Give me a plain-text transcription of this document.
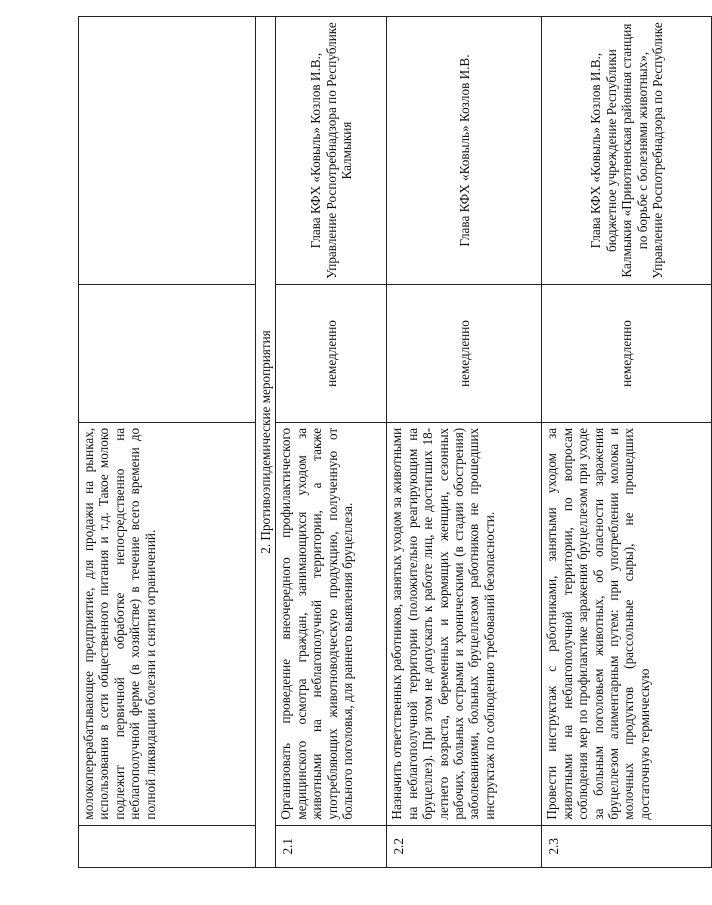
	молокоперерабатывающее предприятие, для продажи на рынках, использования в сети общественного питания и т.д. Такое молоко подлежит первичной обработке непосредственно на неблагополучной ферме (в хозяйстве) в течение всего времени до полной ликвидации болезни и снятия ограничений.		
2. Противоэпидемические мероприятия			
2.1	Организовать проведение внеочередного профилактического медицинского осмотра граждан, занимающихся уходом за животными на неблагополучной территории, а также употребляющих животноводческую продукцию, полученную от больного поголовья, для раннего выявления бруцеллеза.	немедленно	Глава КФХ «Ковыль» Козлов И.В., Управление Роспотребнадзора по Республике Калмыкия
2.2	Назначить ответственных работников, занятых уходом за животными на неблагополучной территории (положительно реагирующим на бруцеллез). При этом не допускать к работе лиц, не достигших 18-летнего возраста, беременных и кормящих женщин, сезонных рабочих, больных острыми и хроническими (в стадии обострения) заболеваниями, больных бруцеллезом работников не прошедших инструктаж по соблюдению требований безопасности.	немедленно	Глава КФХ «Ковыль» Козлов И.В.
2.3	Провести инструктаж с работниками, занятыми уходом за животными на неблагополучной территории, по вопросам соблюдения мер по профилактике заражения бруцеллезом при уходе за больным поголовьем животных, об опасности заражения бруцеллезом алиментарным путем: при употреблении молока и молочных продуктов (рассольные сыры), не прошедших достаточную термическую	немедленно	Глава КФХ «Ковыль» Козлов И.В., бюджетное учреждение Республики Калмыкия «Приютненская районная станция по борьбе с болезнями животных», Управление Роспотребнадзора по Республике
